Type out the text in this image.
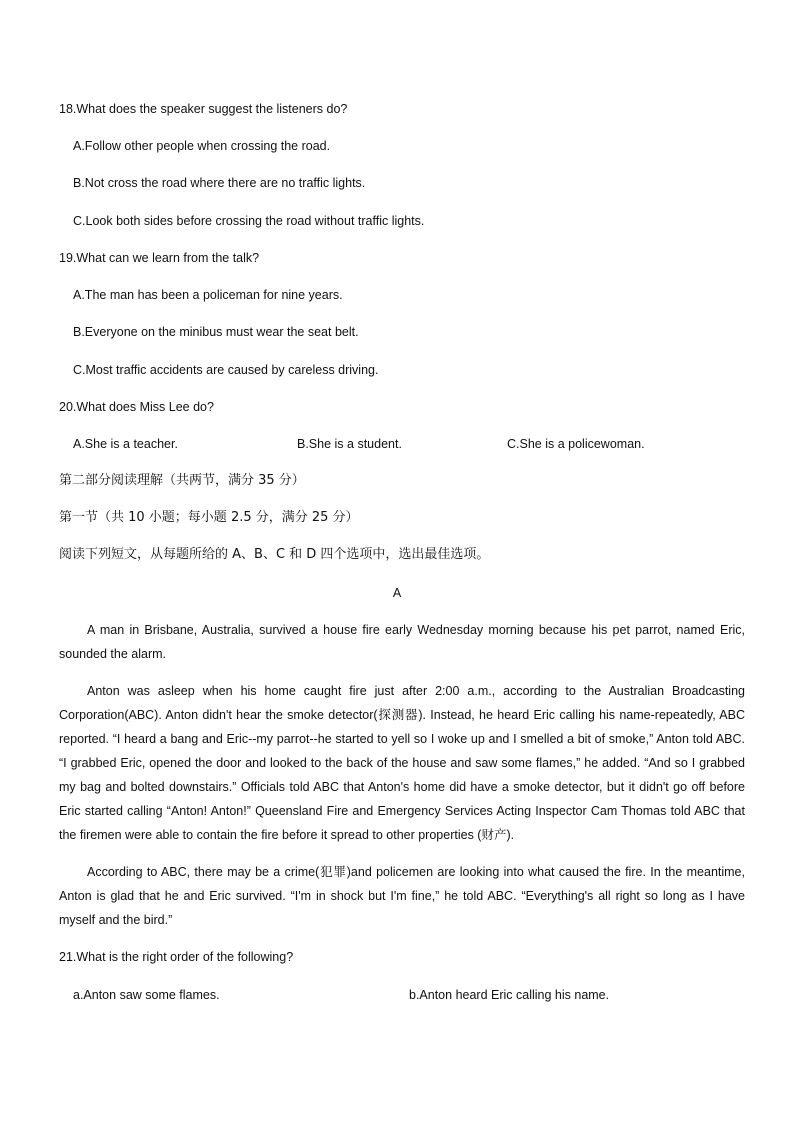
18.What does the speaker suggest the listeners do?
A.Follow other people when crossing the road.
B.Not cross the road where there are no traffic lights.
C.Look both sides before crossing the road without traffic lights.
19.What can we learn from the talk?
A.The man has been a policeman for nine years.
B.Everyone on the minibus must wear the seat belt.
C.Most traffic accidents are caused by careless driving.
20.What does Miss Lee do?
A.She is a teacher.	B.She is a student.	C.She is a policewoman.
第二部分阅读理解（共两节，满分 35 分）
第一节（共 10 小题；每小题 2.5 分，满分 25 分）
阅读下列短文，从每题所给的 A、B、C 和 D 四个选项中，选出最佳选项。
A
A man in Brisbane, Australia, survived a house fire early Wednesday morning because his pet parrot, named Eric, sounded the alarm.
Anton was asleep when his home caught fire just after 2:00 a.m., according to the Australian Broadcasting Corporation(ABC). Anton didn't hear the smoke detector(探测器). Instead, he heard Eric calling his name-repeatedly, ABC reported. “I heard a bang and Eric--my parrot--he started to yell so I woke up and I smelled a bit of smoke,” Anton told ABC. “I grabbed Eric, opened the door and looked to the back of the house and saw some flames,” he added. “And so I grabbed my bag and bolted downstairs.” Officials told ABC that Anton's home did have a smoke detector, but it didn't go off before Eric started calling “Anton! Anton!” Queensland Fire and Emergency Services Acting Inspector Cam Thomas told ABC that the firemen were able to contain the fire before it spread to other properties (财产).
According to ABC, there may be a crime(犯罪)and policemen are looking into what caused the fire. In the meantime, Anton is glad that he and Eric survived. “I'm in shock but I'm fine,” he told ABC. “Everything's all right so long as I have myself and the bird.”
21.What is the right order of the following?
a.Anton saw some flames.	b.Anton heard Eric calling his name.
